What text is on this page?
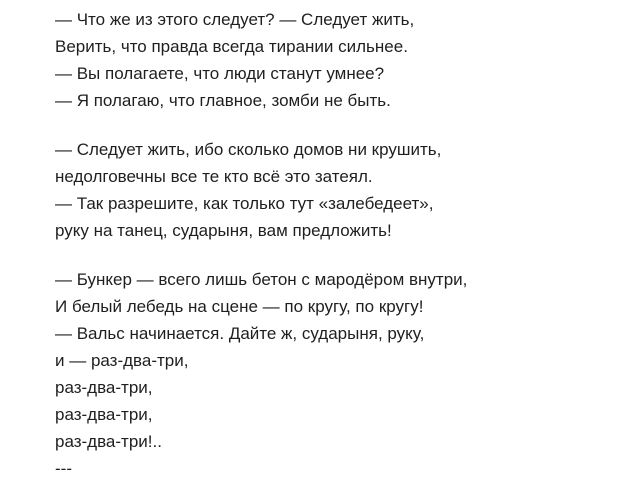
— Что же из этого следует? — Следует жить,

Верить, что правда всегда тирании сильнее.

— Вы полагаете, что люди станут умнее?

— Я полагаю, что главное, зомби не быть.

— Следует жить, ибо сколько домов ни крушить,

недолговечны все те кто всё это затеял.

— Так разрешите, как только тут «залебедеет»,

руку на танец, сударыня, вам предложить!

— Бункер — всего лишь бетон с мародёром внутри,

И белый лебедь на сцене — по кругу, по кругу!

— Вальс начинается. Дайте ж, сударыня, руку,

и — раз-два-три,

раз-два-три,

раз-два-три,

раз-два-три!..

---
